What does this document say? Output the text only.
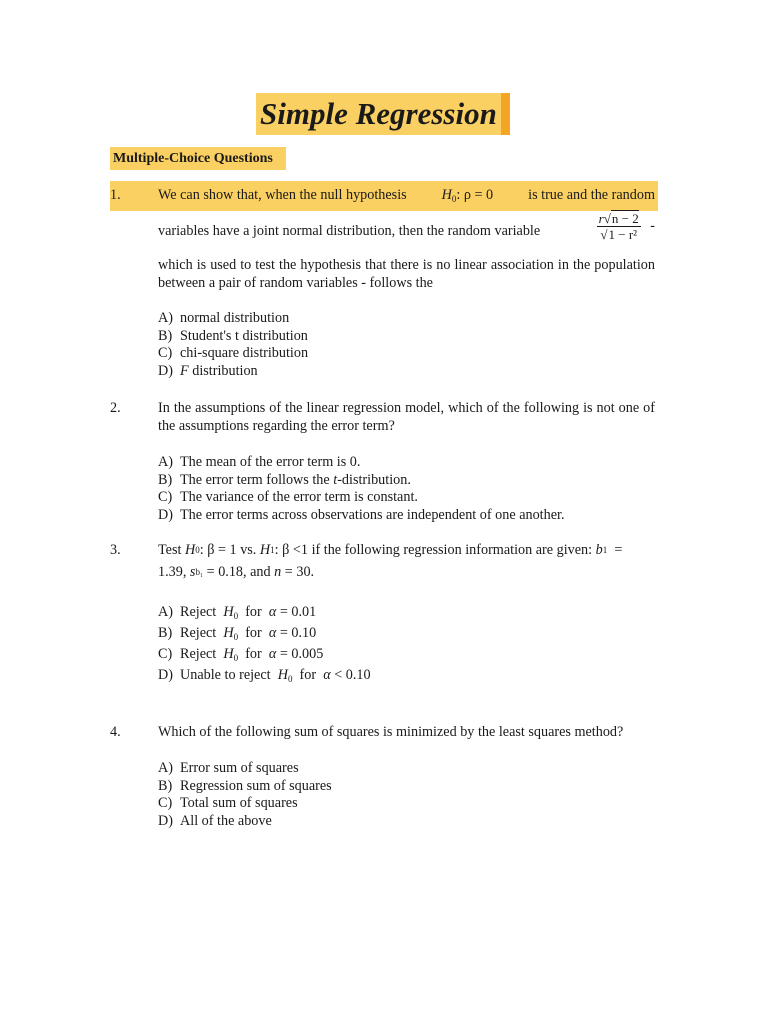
Simple Regression
Multiple-Choice Questions
1.	We can show that, when the null hypothesis $H_0$: ρ = 0 is true and the random
variables have a joint normal distribution, then the random variable	$\frac{r√n - 2}{\text{√1 − r²}}$ -
which is used to test the hypothesis that there is no linear association in the population between a pair of random variables - follows the
A) normal distribution
B) Student's t distribution
C) chi-square distribution
D) F distribution
2.	In the assumptions of the linear regression model, which of the following is not one of the assumptions regarding the error term?
A) The mean of the error term is 0.
B) The error term follows the t-distribution.
C) The variance of the error term is constant.
D) The error terms across observations are independent of one another.
3.	Test
H 0 : β = 1
vs.
H 1 : β <1
if the following regression information are given:
b 1
=
1.39,
s b₁
= 0.18, and
n
= 30.
A) Reject $H_0$ for α = 0.01
B) Reject $H_0$ for α = 0.10
C) Reject $H_0$ for α = 0.005
D) Unable to reject $H_0$ for α < 0.10
4.	Which of the following sum of squares is minimized by the least squares method?
A) Error sum of squares
B) Regression sum of squares
C) Total sum of squares
D) All of the above
